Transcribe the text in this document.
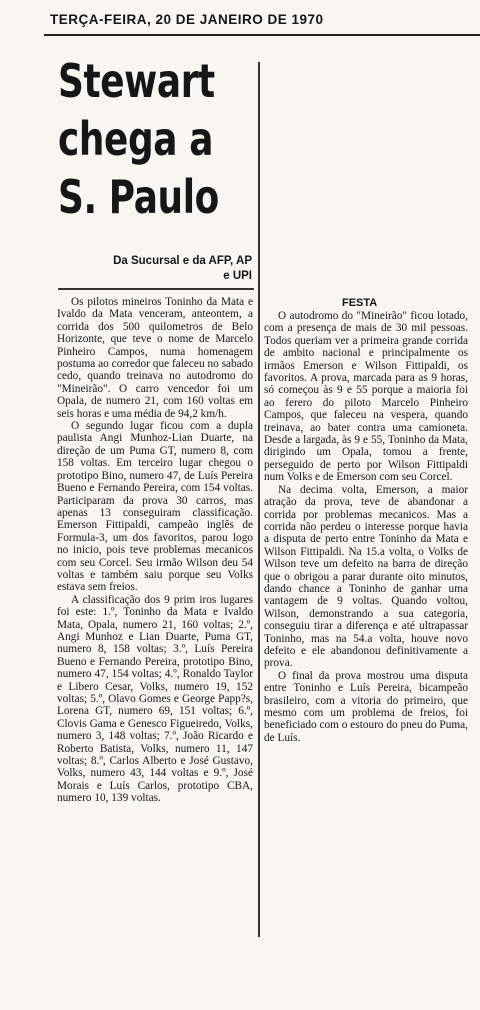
TERÇA-FEIRA, 20 DE JANEIRO DE 1970
Stewart
chega a
S. Paulo
Da Sucursal e da AFP, AP
e UPI

Os pilotos mineiros Toninho da Mata e Ivaldo da Mata venceram, anteontem, a corrida dos 500 quilometros de Belo Horizonte, que teve o nome de Marcelo Pinheiro Campos, numa homenagem postuma ao corredor que faleceu no sabado cedo, quando treinava no autodromo do "Mineirão". O carro vencedor foi um Opala, de numero 21, com 160 voltas em seis horas e uma média de 94,2 km/h.

O segundo lugar ficou com a dupla paulista Angi Munhoz-Lian Duarte, na direção de um Puma GT, numero 8, com 158 voltas. Em terceiro lugar chegou o prototipo Bino, numero 47, de Luís Pereira Bueno e Fernando Pereira, com 154 voltas. Participaram da prova 30 carros, mas apenas 13 conseguiram classificação. Emerson Fittipaldi, campeão inglês de Formula-3, um dos favoritos, parou logo no inicio, pois teve problemas mecanicos com seu Corcel. Seu irmão Wilson deu 54 voltas e também saiu porque seu Volks estava sem freios.

A classificação dos 9 prim iros lugares foi este: 1.º, Toninho da Mata e Ivaldo Mata, Opala, numero 21, 160 voltas; 2.º, Angi Munhoz e Lian Duarte, Puma GT, numero 8, 158 voltas; 3.º, Luís Pereira Bueno e Fernando Pereira, prototipo Bino, numero 47, 154 voltas; 4.º, Ronaldo Taylor e Libero Cesar, Volks, numero 19, 152 voltas; 5.º, Olavo Gomes e George Papp?s, Lorena GT, numero 69, 151 voltas; 6.º, Clovis Gama e Genesco Figueiredo, Volks, numero 3, 148 voltas; 7.º, João Ricardo e Roberto Batista, Volks, numero 11, 147 voltas; 8.º, Carlos Alberto e José Gustavo, Volks, numero 43, 144 voltas e 9.º, José Morais e Luís Carlos, prototipo CBA, numero 10, 139 voltas.

FESTA

O autodromo do "Mineirão" ficou lotado, com a presença de mais de 30 mil pessoas. Todos queriam ver a primeira grande corrida de ambito nacional e principalmente os irmãos Emerson e Wilson Fittipaldi, os favoritos. A prova, marcada para as 9 horas, só começou às 9 e 55 porque a maioria foi ao ferero do piloto Marcelo Pinheiro Campos, que faleceu na vespera, quando treinava, ao bater contra uma camioneta. Desde a largada, às 9 e 55, Toninho da Mata, dirigindo um Opala, tomou a frente, perseguido de perto por Wilson Fittipaldi num Volks e de Emerson com seu Corcel.

Na decima volta, Emerson, a maior atração da prova, teve de abandonar a corrida por problemas mecanicos. Mas a corrida não perdeu o interesse porque havia a disputa de perto entre Toninho da Mata e Wilson Fittipaldi. Na 15.a volta, o Volks de Wilson teve um defeito na barra de direção que o obrigou a parar durante oito minutos, dando chance a Toninho de ganhar uma vantagem de 9 voltas. Quando voltou, Wilson, demonstrando a sua categoria, conseguiu tirar a diferença e até ultrapassar Toninho, mas na 54.a volta, houve novo defeito e ele abandonou definitivamente a prova.

O final da prova mostrou uma disputa entre Toninho e Luís Pereira, bicampeão brasileiro, com a vitoria do primeiro, que mesmo com um problema de freios, foi beneficiado com o estouro do pneu do Puma, de Luís.
